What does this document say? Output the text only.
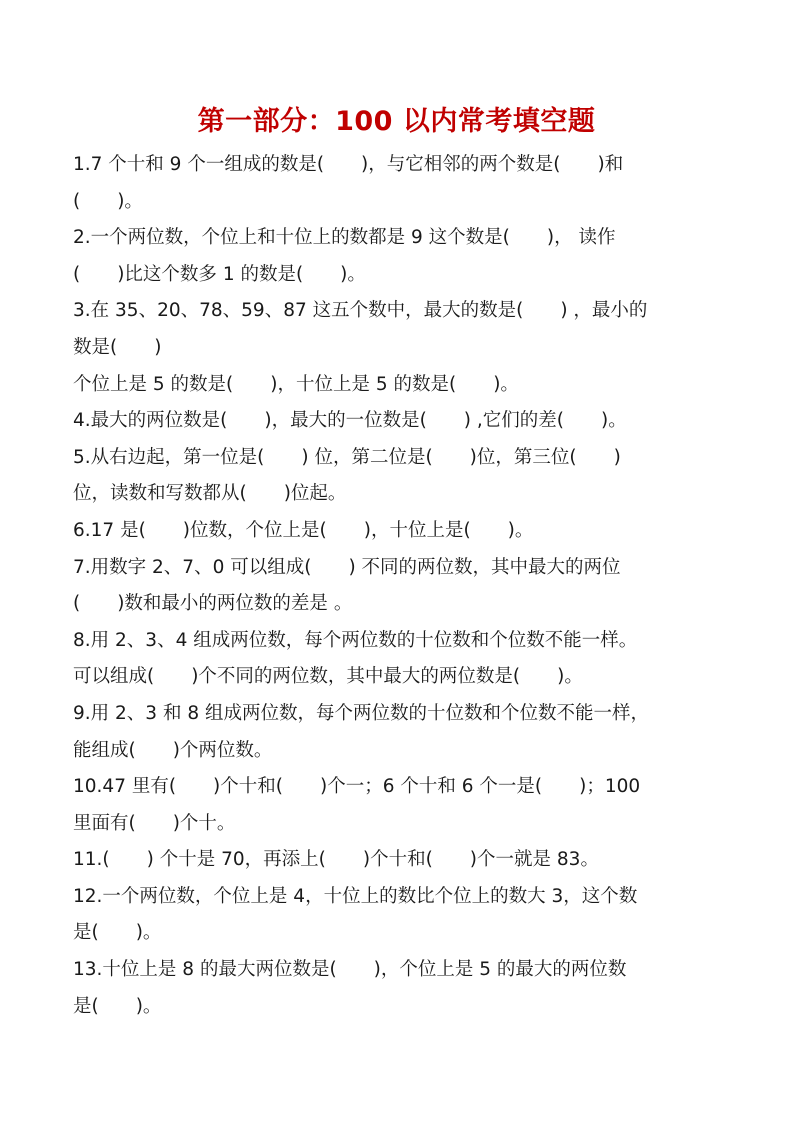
第一部分：100 以内常考填空题
1.7 个十和 9 个一组成的数是(　　)，与它相邻的两个数是(　　)和
(　　)。
2.一个两位数，个位上和十位上的数都是 9 这个数是(　　)， 读作
(　　)比这个数多 1 的数是(　　)。
3.在 35、20、78、59、87 这五个数中，最大的数是(　　) ，最小的
数是(　　)
个位上是 5 的数是(　　)，十位上是 5 的数是(　　)。
4.最大的两位数是(　　)，最大的一位数是(　　) ,它们的差(　　)。
5.从右边起，第一位是(　　) 位，第二位是(　　)位，第三位(　　)
位，读数和写数都从(　　)位起。
6.17 是(　　)位数，个位上是(　　)，十位上是(　　)。
7.用数字 2、7、0 可以组成(　　) 不同的两位数，其中最大的两位
(　　)数和最小的两位数的差是 。
8.用 2、3、4 组成两位数，每个两位数的十位数和个位数不能一样。
可以组成(　　)个不同的两位数，其中最大的两位数是(　　)。
9.用 2、3 和 8 组成两位数，每个两位数的十位数和个位数不能一样，
能组成(　　)个两位数。
10.47 里有(　　)个十和(　　)个一；6 个十和 6 个一是(　　)；100
里面有(　　)个十。
11.(　　) 个十是 70，再添上(　　)个十和(　　)个一就是 83。
12.一个两位数，个位上是 4，十位上的数比个位上的数大 3，这个数
是(　　)。
13.十位上是 8 的最大两位数是(　　)，个位上是 5 的最大的两位数
是(　　)。
